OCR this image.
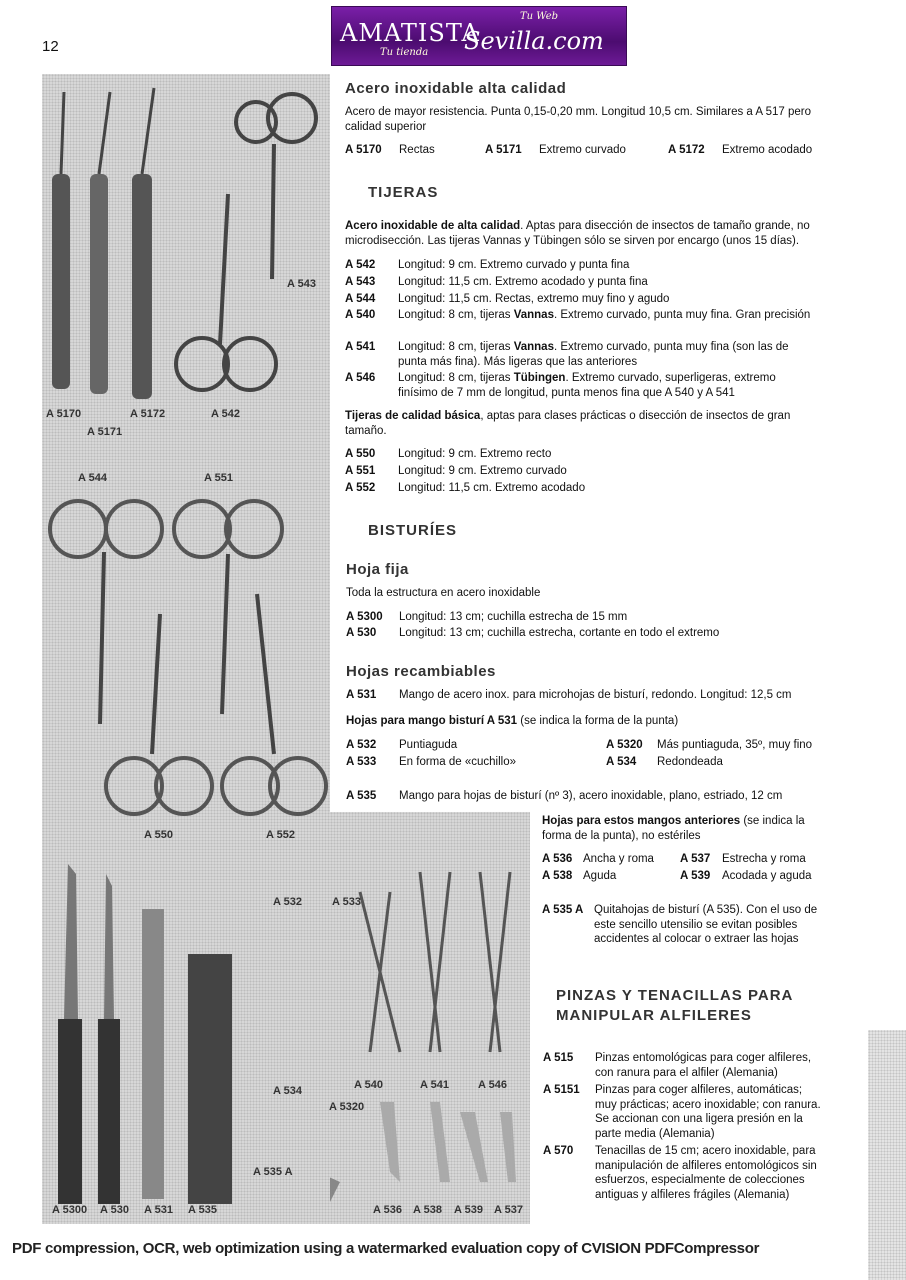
12	AMATISTA
Sevilla.com
Tu Web
Tu tienda
A 5170	A 5172	A 542
A 5171
A 543
A 544	A 551
A 550	A 552
A 532	A 533
A 534	A 540	A 541	A 546
A 5320
A 535 A
A 5300 A 530 A 531 A 535	A 536 A 538 A 539 A 537
Acero inoxidable alta calidad
Acero de mayor resistencia. Punta 0,15-0,20 mm. Longitud 10,5 cm. Similares a A 517 pero calidad superior
A 5170 Rectas	A 5171 Extremo curvado	A 5172 Extremo acodado
TIJERAS
Acero inoxidable de alta calidad. Aptas para disección de insectos de tamaño grande, no microdisección. Las tijeras Vannas y Tübingen sólo se sirven por encargo (unos 15 días).
A 542 Longitud: 9 cm. Extremo curvado y punta fina
A 543 Longitud: 11,5 cm. Extremo acodado y punta fina
A 544 Longitud: 11,5 cm. Rectas, extremo muy fino y agudo
A 540 Longitud: 8 cm, tijeras Vannas. Extremo curvado, punta muy fina. Gran precisión
A 541 Longitud: 8 cm, tijeras Vannas. Extremo curvado, punta muy fina (son las de punta más fina). Más ligeras que las anteriores
A 546 Longitud: 8 cm, tijeras Tübingen. Extremo curvado, superligeras, extremo finísimo de 7 mm de longitud, punta menos fina que A 540 y A 541
Tijeras de calidad básica, aptas para clases prácticas o disección de insectos de gran tamaño.
A 550 Longitud: 9 cm. Extremo recto
A 551 Longitud: 9 cm. Extremo curvado
A 552 Longitud: 11,5 cm. Extremo acodado
BISTURÍES
Hoja fija
Toda la estructura en acero inoxidable
A 5300 Longitud: 13 cm; cuchilla estrecha de 15 mm
A 530 Longitud: 13 cm; cuchilla estrecha, cortante en todo el extremo
Hojas recambiables
A 531 Mango de acero inox. para microhojas de bisturí, redondo. Longitud: 12,5 cm
Hojas para mango bisturí A 531 (se indica la forma de la punta)
A 532 Puntiaguda	A 5320 Más puntiaguda, 35º, muy fino
A 533 En forma de «cuchillo»	A 534 Redondeada
A 535 Mango para hojas de bisturí (nº 3), acero inoxidable, plano, estriado, 12 cm
Hojas para estos mangos anteriores (se indica la forma de la punta), no estériles
A 536 Ancha y roma A 537 Estrecha y roma
A 538 Aguda	A 539 Acodada y aguda
A 535 A Quitahojas de bisturí (A 535). Con el uso de este sencillo utensilio se evitan posibles accidentes al colocar o extraer las hojas
PINZAS Y TENACILLAS PARA
MANIPULAR ALFILERES
A 515 Pinzas entomológicas para coger alfileres, con ranura para el alfiler (Alemania)
A 5151 Pinzas para coger alfileres, automáticas; muy prácticas; acero inoxidable; con ranura. Se accionan con una ligera presión en la parte media (Alemania)
A 570 Tenacillas de 15 cm; acero inoxidable, para manipulación de alfileres entomológicos sin esfuerzos, especialmente de colecciones antiguas y alfileres frágiles (Alemania)
PDF compression, OCR, web optimization using a watermarked evaluation copy of CVISION PDFCompressor
